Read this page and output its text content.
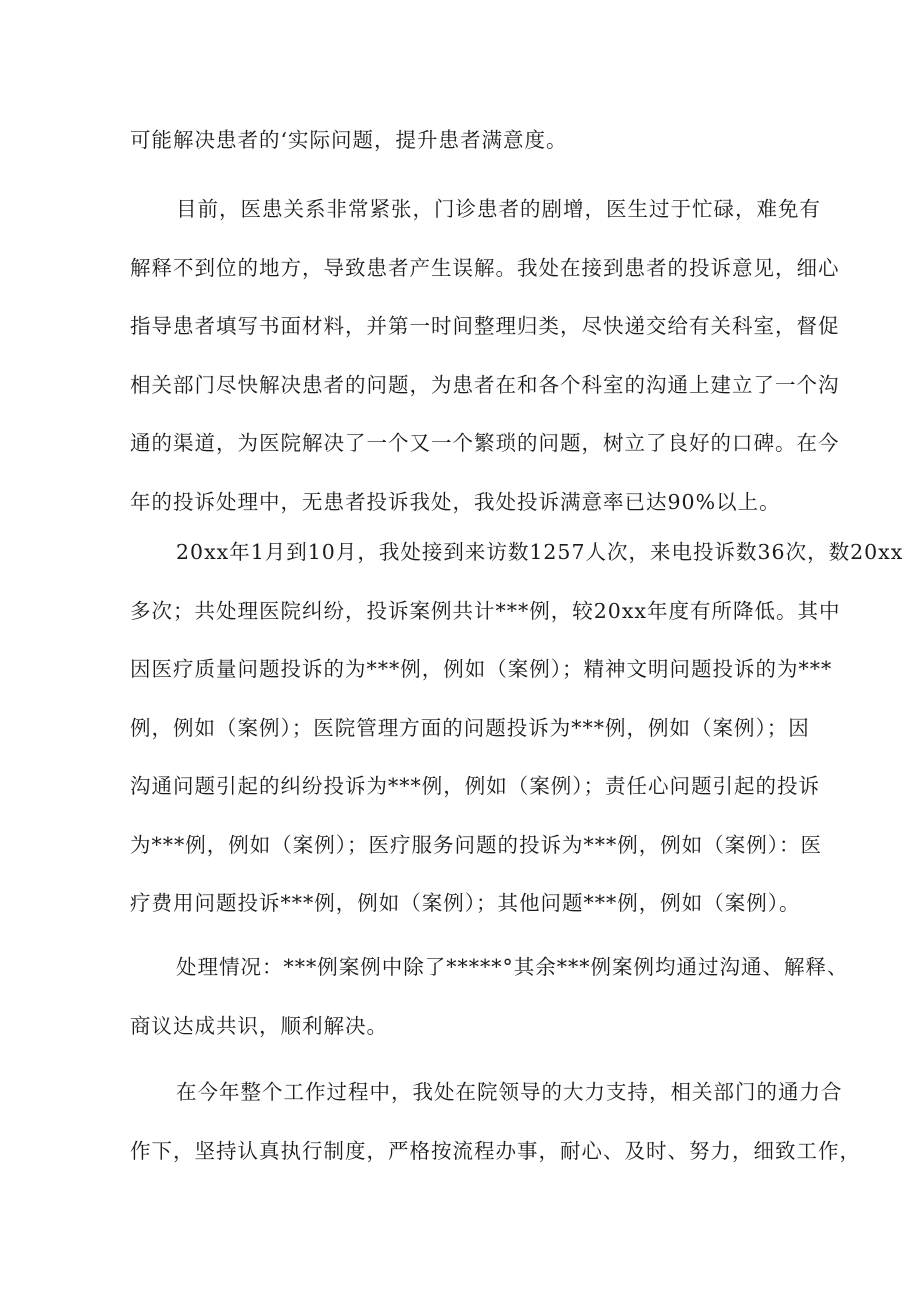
可能解决患者的‘实际问题，提升患者满意度。
目前，医患关系非常紧张，门诊患者的剧增，医生过于忙碌，难免有
解释不到位的地方，导致患者产生误解。我处在接到患者的投诉意见，细心
指导患者填写书面材料，并第一时间整理归类，尽快递交给有关科室，督促
相关部门尽快解决患者的问题，为患者在和各个科室的沟通上建立了一个沟
通的渠道，为医院解决了一个又一个繁琐的问题，树立了良好的口碑。在今
年的投诉处理中，无患者投诉我处，我处投诉满意率已达90%以上。
20xx年1月到10月，我处接到来访数1257人次，来电投诉数36次，数20xx
多次；共处理医院纠纷，投诉案例共计***例，较20xx年度有所降低。其中
因医疗质量问题投诉的为***例，例如（案例）；精神文明问题投诉的为***
例，例如（案例）；医院管理方面的问题投诉为***例，例如（案例）；因
沟通问题引起的纠纷投诉为***例，例如（案例）；责任心问题引起的投诉
为***例，例如（案例）；医疗服务问题的投诉为***例，例如（案例）：医
疗费用问题投诉***例，例如（案例）；其他问题***例，例如（案例）。
处理情况：***例案例中除了*****°其余***例案例均通过沟通、解释、
商议达成共识，顺利解决。
在今年整个工作过程中，我处在院领导的大力支持，相关部门的通力合
作下，坚持认真执行制度，严格按流程办事，耐心、及时、努力，细致工作，
